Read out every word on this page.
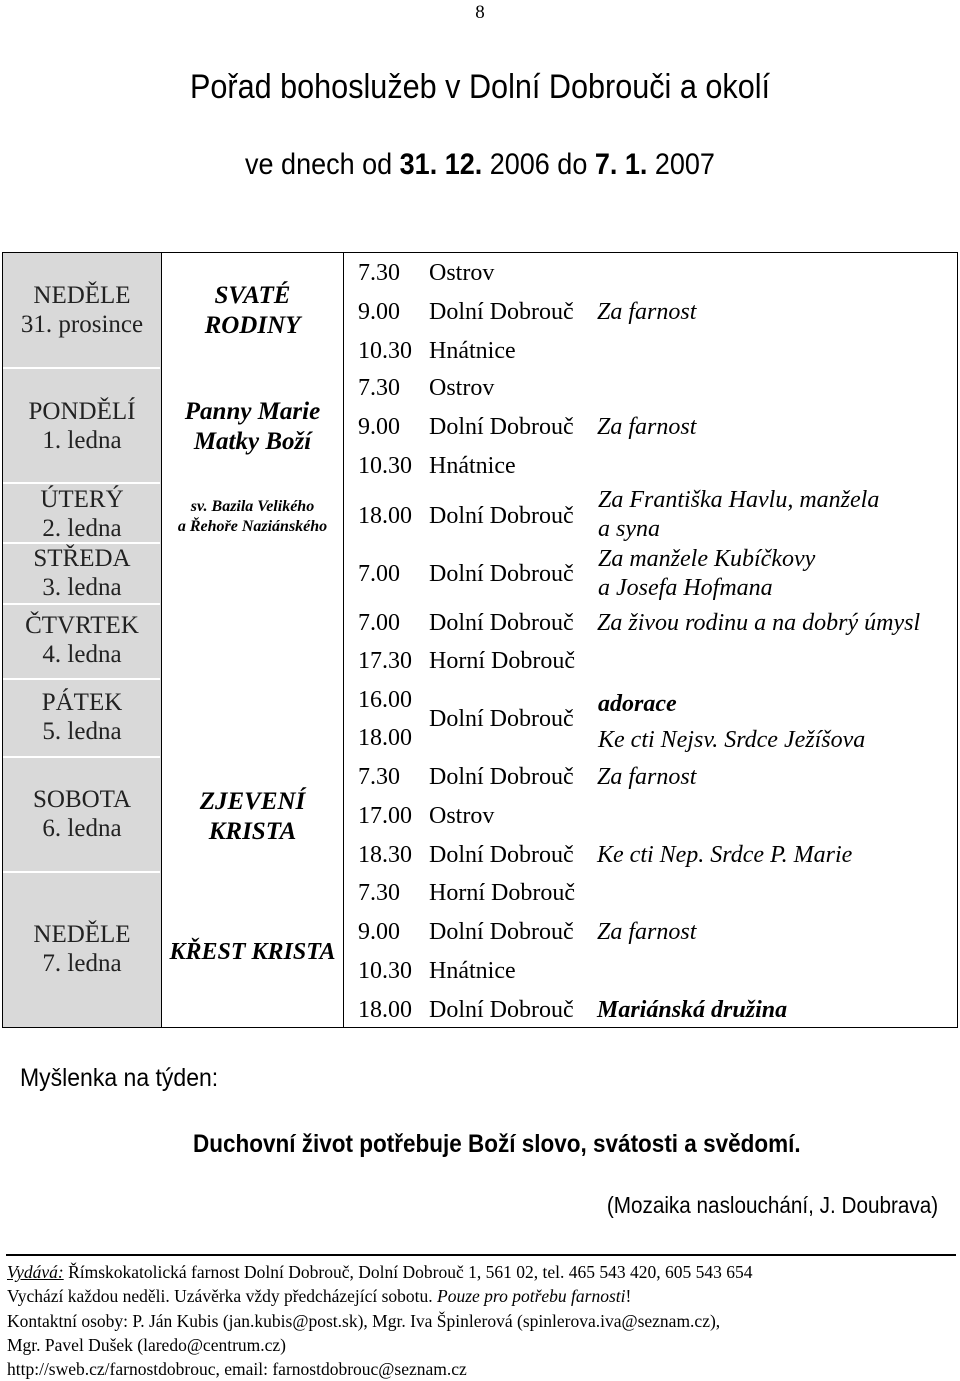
8
Pořad bohoslužeb v Dolní Dobrouči a okolí
ve dnech od 31. 12. 2006 do 7. 1. 2007
NEDĚLE
31. prosince
PONDĚLÍ
1. ledna
ÚTERÝ
2. ledna
STŘEDA
3. ledna
ČTVRTEK
4. ledna
PÁTEK
5. ledna
SOBOTA
6. ledna
NEDĚLE
7. ledna
SVATÉ
RODINY
Panny Marie
Matky Boží
sv. Bazila Velikého
a Řehoře Naziánského
ZJEVENÍ
KRISTA
KŘEST KRISTA
7.30 Ostrov
9.00 Dolní Dobrouč Za farnost
10.30 Hnátnice
7.30 Ostrov
9.00 Dolní Dobrouč Za farnost
10.30 Hnátnice
18.00 Dolní Dobrouč
Za Františka Havlu, manžela
a syna
7.00 Dolní Dobrouč
Za manžele Kubíčkovy
a Josefa Hofmana
7.00 Dolní Dobrouč Za živou rodinu a na dobrý úmysl
17.30 Horní Dobrouč
16.00
18.00
Dolní Dobrouč
adorace
Ke cti Nejsv. Srdce Ježíšova
7.30 Dolní Dobrouč Za farnost
17.00 Ostrov
18.30 Dolní Dobrouč Ke cti Nep. Srdce P. Marie
7.30 Horní Dobrouč
9.00 Dolní Dobrouč Za farnost
10.30 Hnátnice
18.00 Dolní Dobrouč Mariánská družina
Myšlenka na týden:
Duchovní život potřebuje Boží slovo, svátosti a svědomí.
(Mozaika naslouchání, J. Doubrava)
Vydává: Římskokatolická farnost Dolní Dobrouč, Dolní Dobrouč 1, 561 02, tel. 465 543 420, 605 543 654
Vychází každou neděli. Uzávěrka vždy předcházející sobotu. Pouze pro potřebu farnosti!
Kontaktní osoby: P. Ján Kubis (jan.kubis@post.sk), Mgr. Iva Špinlerová (spinlerova.iva@seznam.cz),
Mgr. Pavel Dušek (laredo@centrum.cz)
http://sweb.cz/farnostdobrouc, email: farnostdobrouc@seznam.cz
